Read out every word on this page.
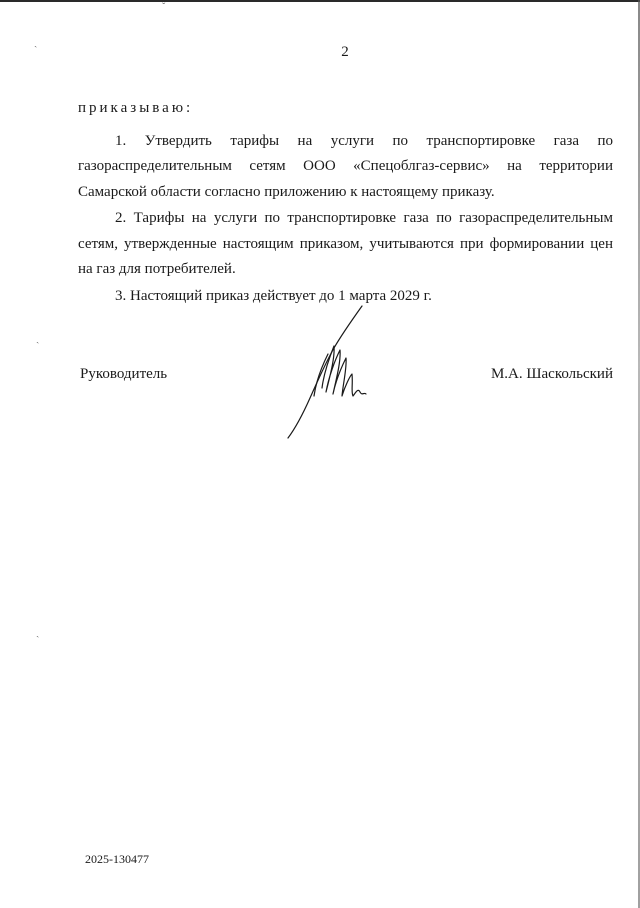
ˇ
ˏ
ˏ
ˏ
2

приказываю:

1. Утвердить тарифы на услуги по транспортировке газа по газораспределительным сетям ООО «Спецоблгаз-сервис» на территории Самарской области согласно приложению к настоящему приказу.

2. Тарифы на услуги по транспортировке газа по газораспределительным сетям, утвержденные настоящим приказом, учитываются при формировании цен на газ для потребителей.

3. Настоящий приказ действует до 1 марта 2029 г.

Руководитель	М.А. Шаскольский
2025-130477
